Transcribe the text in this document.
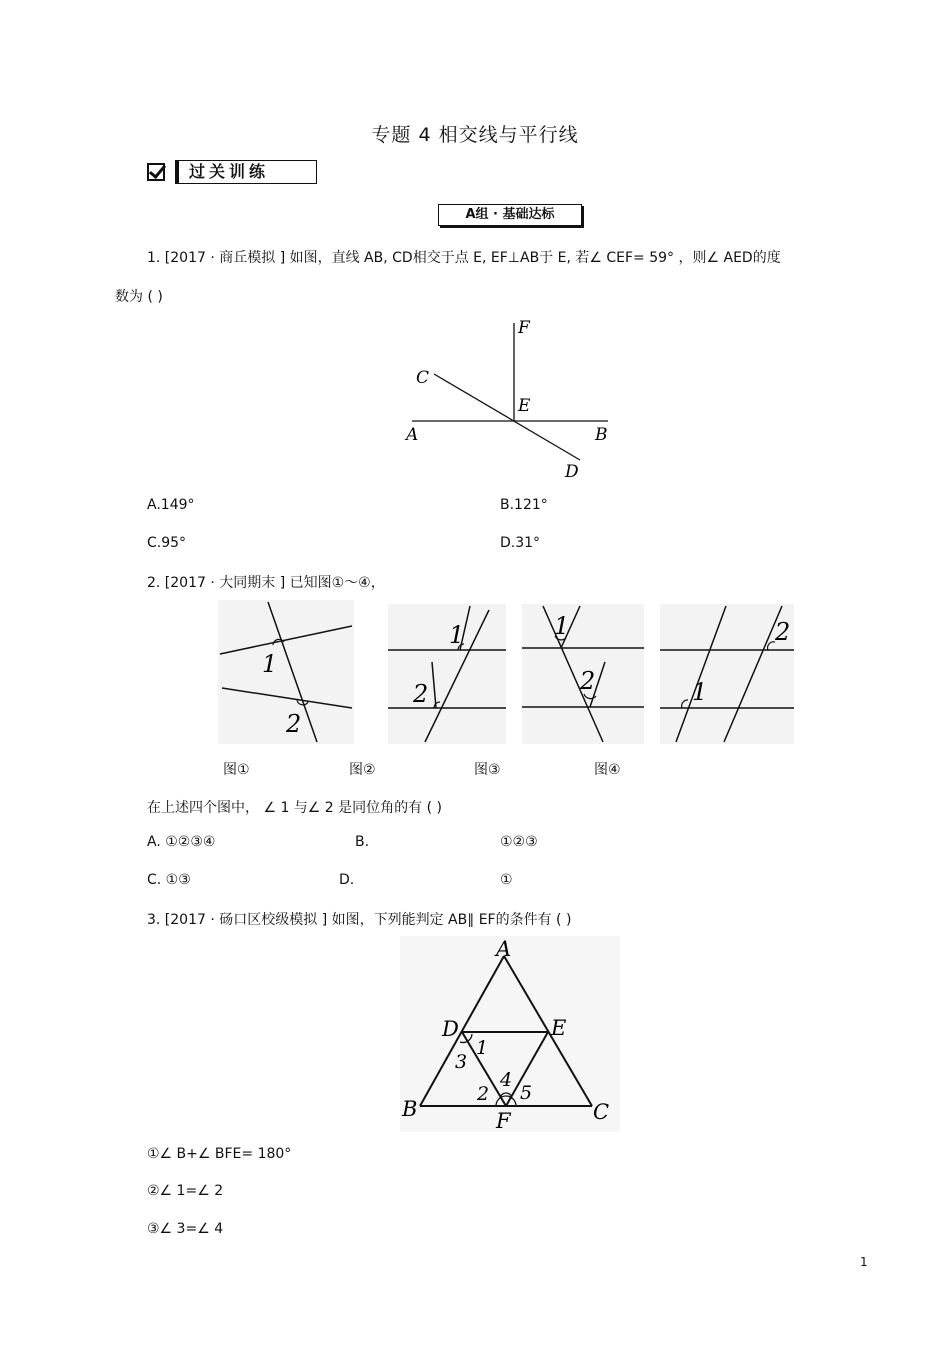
专题 4 相交线与平行线
过关训练
A组 · 基础达标
1. [2017 · 商丘模拟 ] 如图，直线 AB, CD相交于点 E, EF⊥AB于 E, 若∠ CEF= 59° ，则∠ AED的度
数为 ( )
F
C
E
A	B
D
A.149°	B.121°
C.95°	D.31°
2. [2017 · 大同期末 ] 已知图①～④，
1
2
1
2
1
2	1
2
图①	图②	图③	图④
在上述四个图中， ∠ 1 与∠ 2 是同位角的有 ( )
A. ①②③④	B.	①②③
C. ①③	D.	①
3. [2017 · 砀口区校级模拟 ] 如图，下列能判定 AB∥ EF的条件有 ( )
A
B	C
D	E
F
1
2
3
4
5
①∠ B+∠ BFE= 180°
②∠ 1=∠ 2
③∠ 3=∠ 4
1
